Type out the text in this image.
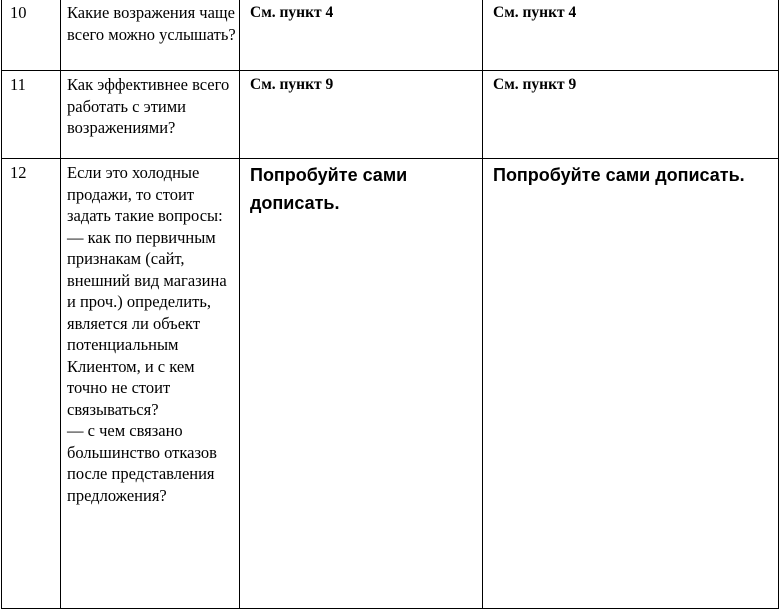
10	Какие возражения чаще всего можно услышать?	См. пункт 4	См. пункт 4
11	Как эффективнее всего работать с этими возражениями?	См. пункт 9	См. пункт 9
12	Если это холодные продажи, то стоит задать такие вопросы:
— как по первичным признакам (сайт, внешний вид магазина и проч.) определить, является ли объект потенциальным Клиентом, и с кем точно не стоит связываться?
— с чем связано большинство отказов после представления предложения?	Попробуйте сами дописать.	Попробуйте сами дописать.
